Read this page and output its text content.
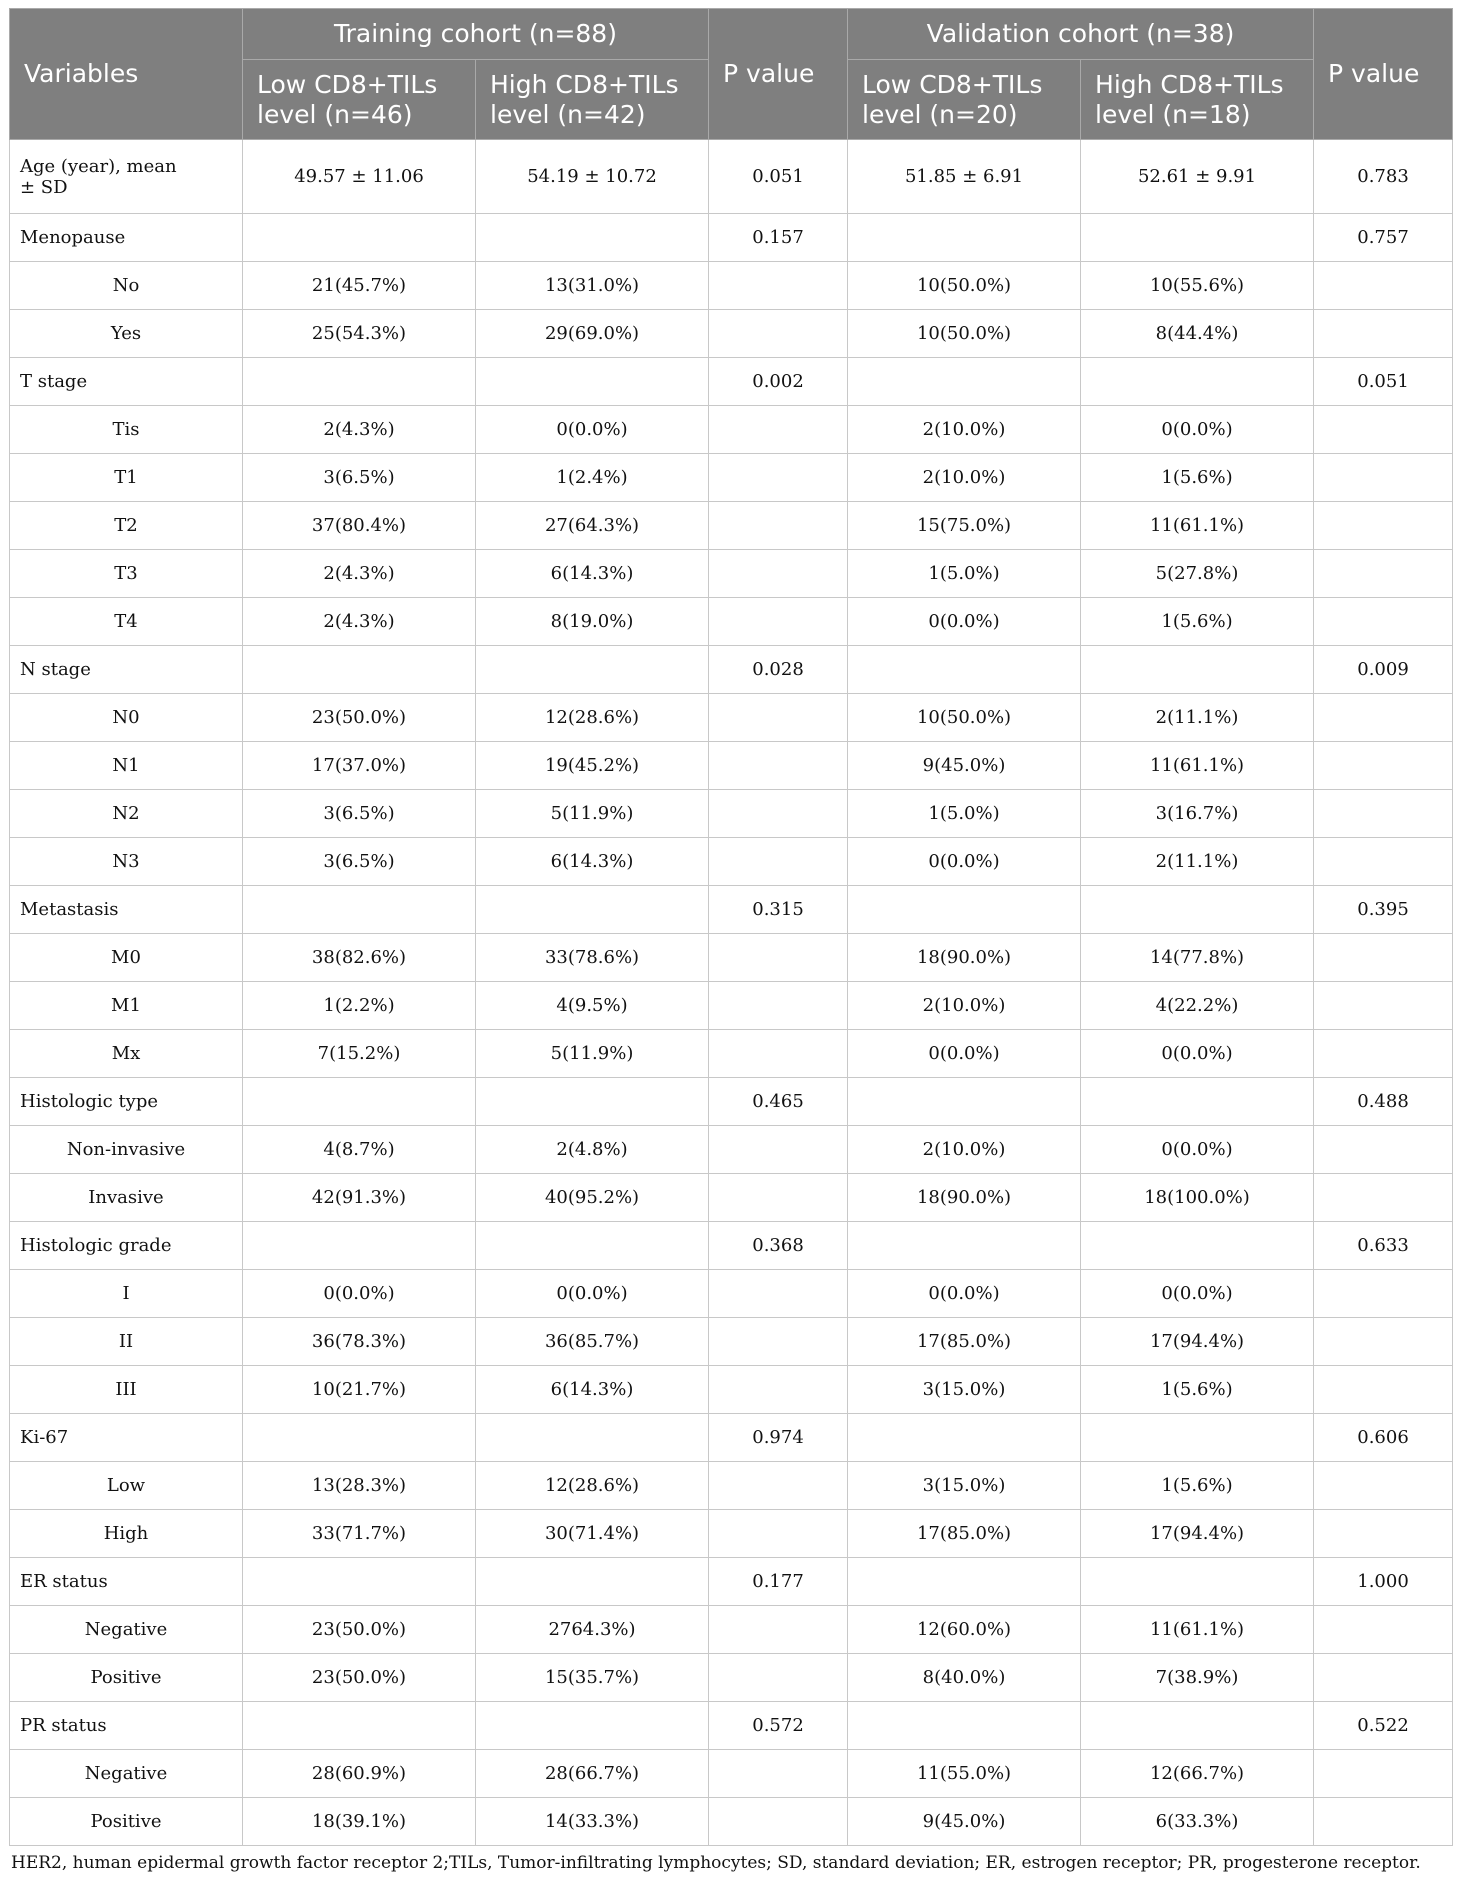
Variables	Training cohort (n=88)		P value	Validation cohort (n=38)		P value
	Low CD8+TILs level (n=46)	High CD8+TILs level (n=42)		Low CD8+TILs level (n=20)	High CD8+TILs level (n=18)	
Age (year), mean ± SD	49.57 ± 11.06	54.19 ± 10.72	0.051	51.85 ± 6.91	52.61 ± 9.91	0.783
Menopause			0.157			0.757
No	21(45.7%)	13(31.0%)		10(50.0%)	10(55.6%)	
Yes	25(54.3%)	29(69.0%)		10(50.0%)	8(44.4%)	
T stage			0.002			0.051
Tis	2(4.3%)	0(0.0%)		2(10.0%)	0(0.0%)	
T1	3(6.5%)	1(2.4%)		2(10.0%)	1(5.6%)	
T2	37(80.4%)	27(64.3%)		15(75.0%)	11(61.1%)	
T3	2(4.3%)	6(14.3%)		1(5.0%)	5(27.8%)	
T4	2(4.3%)	8(19.0%)		0(0.0%)	1(5.6%)	
N stage			0.028			0.009
N0	23(50.0%)	12(28.6%)		10(50.0%)	2(11.1%)	
N1	17(37.0%)	19(45.2%)		9(45.0%)	11(61.1%)	
N2	3(6.5%)	5(11.9%)		1(5.0%)	3(16.7%)	
N3	3(6.5%)	6(14.3%)		0(0.0%)	2(11.1%)	
Metastasis			0.315			0.395
M0	38(82.6%)	33(78.6%)		18(90.0%)	14(77.8%)	
M1	1(2.2%)	4(9.5%)		2(10.0%)	4(22.2%)	
Mx	7(15.2%)	5(11.9%)		0(0.0%)	0(0.0%)	
Histologic type			0.465			0.488
Non-invasive	4(8.7%)	2(4.8%)		2(10.0%)	0(0.0%)	
Invasive	42(91.3%)	40(95.2%)		18(90.0%)	18(100.0%)	
Histologic grade			0.368			0.633
I	0(0.0%)	0(0.0%)		0(0.0%)	0(0.0%)	
II	36(78.3%)	36(85.7%)		17(85.0%)	17(94.4%)	
III	10(21.7%)	6(14.3%)		3(15.0%)	1(5.6%)	
Ki-67			0.974			0.606
Low	13(28.3%)	12(28.6%)		3(15.0%)	1(5.6%)	
High	33(71.7%)	30(71.4%)		17(85.0%)	17(94.4%)	
ER status			0.177			1.000
Negative	23(50.0%)	2764.3%)		12(60.0%)	11(61.1%)	
Positive	23(50.0%)	15(35.7%)		8(40.0%)	7(38.9%)	
PR status			0.572			0.522
Negative	28(60.9%)	28(66.7%)		11(55.0%)	12(66.7%)	
Positive	18(39.1%)	14(33.3%)		9(45.0%)	6(33.3%)	
HER2, human epidermal growth factor receptor 2;TILs, Tumor-infiltrating lymphocytes; SD, standard deviation; ER, estrogen receptor; PR, progesterone receptor.
